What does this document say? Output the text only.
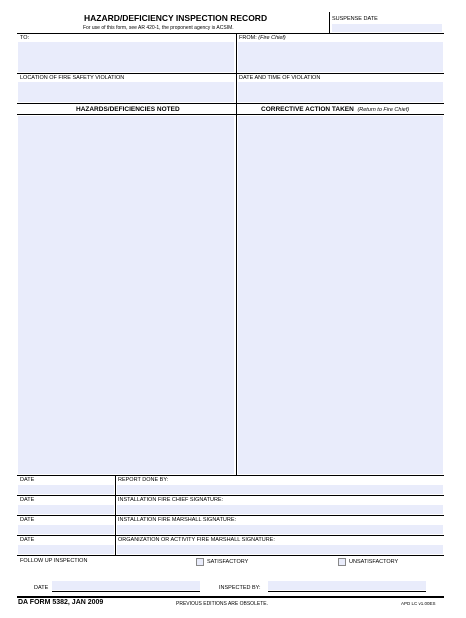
HAZARD/DEFICIENCY INSPECTION RECORD
For use of this form, see AR 420-1, the proponent agency is ACSIM.
SUSPENSE DATE
TO:	FROM: (Fire Chief)
LOCATION OF FIRE SAFETY VIOLATION	DATE AND TIME OF VIOLATION
HAZARDS/DEFICIENCIES NOTED	CORRECTIVE ACTION TAKEN (Return to Fire Chief)
DATE	REPORT DONE BY:
DATE	INSTALLATION FIRE CHIEF SIGNATURE:
DATE	INSTALLATION FIRE MARSHALL SIGNATURE:
DATE	ORGANIZATION OR ACTIVITY FIRE MARSHALL SIGNATURE:
FOLLOW UP INSPECTION	SATISFACTORY	UNSATISFACTORY
DATE	INSPECTED BY:
DA FORM 5382, JAN 2009	PREVIOUS EDITIONS ARE OBSOLETE.	APD LC v1.00ES
